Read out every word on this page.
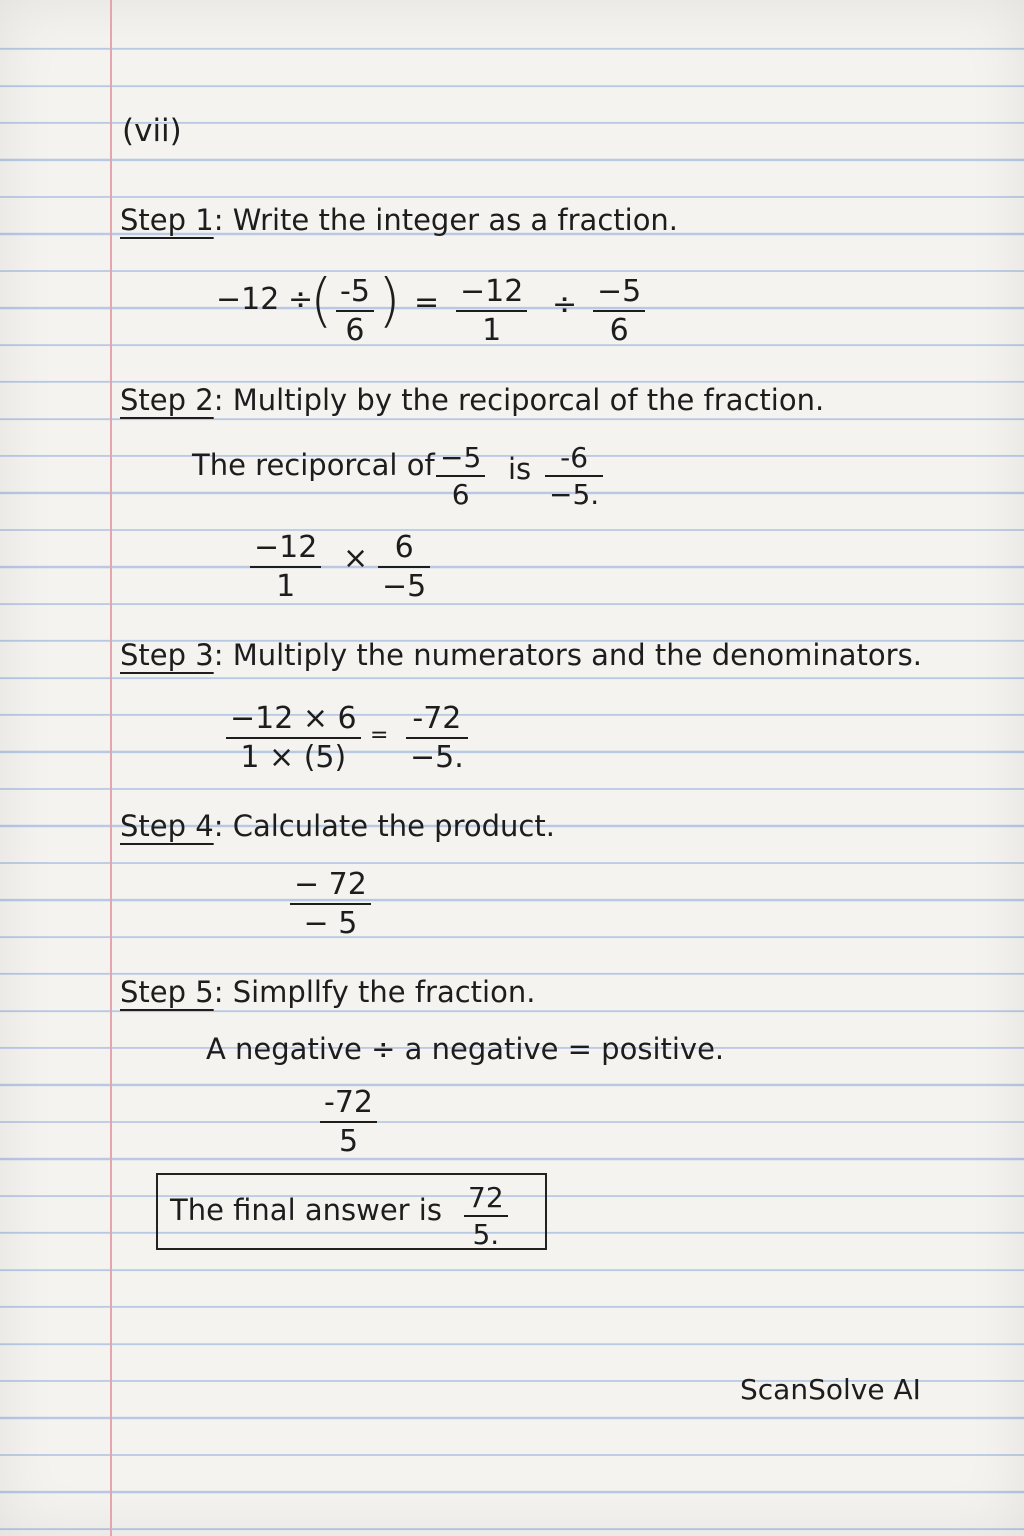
(vii)
Step 1: Write the integer as a fraction.
−12 ÷
( -5
6 ) = −12
1
÷ −5
6
Step 2: Multiply by the reciporcal of the fraction.
The reciporcal of −5
6
is -6
−5.
−12
1
× 6
−5
Step 3: Multiply the numerators and the denominators.
−12 × 6
1 × (5)
= -72
−5.
Step 4: Calculate the product.
− 72
− 5
Step 5: Simpllfy the fraction.
A negative ÷ a negative = positive.
-72
5
The final answer is 72
5.
ScanSolve AI
